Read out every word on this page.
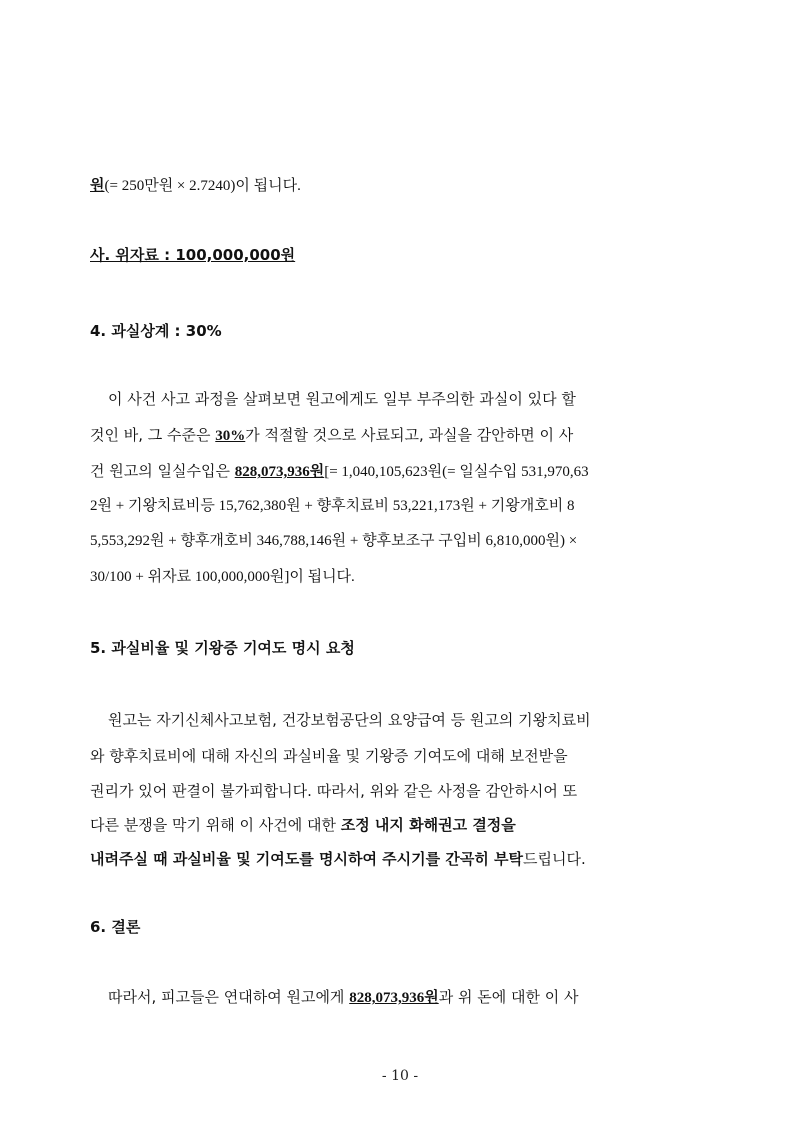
원(= 250만원 × 2.7240)이 됩니다.
사. 위자료 : 100,000,000원
4. 과실상계 : 30%
이 사건 사고 과정을 살펴보면 원고에게도 일부 부주의한 과실이 있다 할
것인 바, 그 수준은 30%가 적절할 것으로 사료되고, 과실을 감안하면 이 사
건 원고의 일실수입은 828,073,936원[= 1,040,105,623원(= 일실수입 531,970,63
2원 + 기왕치료비등 15,762,380원 + 향후치료비 53,221,173원 + 기왕개호비 8
5,553,292원 + 향후개호비 346,788,146원 + 향후보조구 구입비 6,810,000원) ×
30/100 + 위자료 100,000,000원]이 됩니다.
5. 과실비율 및 기왕증 기여도 명시 요청
원고는 자기신체사고보험, 건강보험공단의 요양급여 등 원고의 기왕치료비
와 향후치료비에 대해 자신의 과실비율 및 기왕증 기여도에 대해 보전받을
권리가 있어 판결이 불가피합니다. 따라서, 위와 같은 사정을 감안하시어 또
다른 분쟁을 막기 위해 이 사건에 대한 조정 내지 화해권고 결정을
내려주실 때 과실비율 및 기여도를 명시하여 주시기를 간곡히 부탁드립니다.
6. 결론
따라서, 피고들은 연대하여 원고에게 828,073,936원과 위 돈에 대한 이 사
- 10 -
